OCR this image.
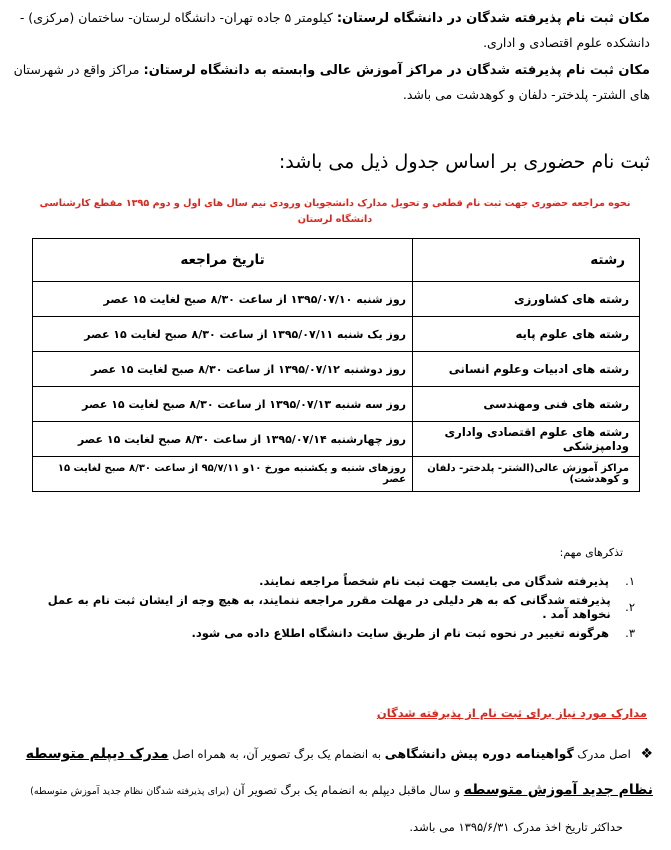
مکان ثبت نام پذیرفته شدگان در دانشگاه لرستان: کیلومتر ۵ جاده تهران- دانشگاه لرستان- ساختمان (مرکزی) - دانشکده علوم اقتصادی و اداری.
مکان ثبت نام پذیرفته شدگان در مراکز آموزش عالی وابسته به دانشگاه لرستان: مراکز واقع در شهرستان های الشتر- پلدختر- دلفان و کوهدشت می باشد.
ثبت نام حضوری بر اساس جدول ذیل می باشد:
نحوه مراجعه حضوری جهت ثبت نام قطعی و تحویل مدارک دانشجویان ورودی نیم سال های اول و دوم ۱۳۹۵ مقطع کارشناسی دانشگاه لرستان
رشته	تاریخ مراجعه
رشته های کشاورزی	روز شنبه ۱۳۹۵/۰۷/۱۰ از ساعت ۸/۳۰ صبح لغایت ۱۵ عصر
رشته های علوم پایه	روز یک شنبه ۱۳۹۵/۰۷/۱۱ از ساعت ۸/۳۰ صبح لغایت ۱۵ عصر
رشته های ادبیات وعلوم انسانی	روز دوشنبه ۱۳۹۵/۰۷/۱۲ از ساعت ۸/۳۰ صبح لغایت ۱۵ عصر
رشته های فنی ومهندسی	روز سه شنبه ۱۳۹۵/۰۷/۱۳ از ساعت ۸/۳۰ صبح لغایت ۱۵ عصر
رشته های علوم اقتصادی واداری ودامپزشکی	روز چهارشنبه ۱۳۹۵/۰۷/۱۴ از ساعت ۸/۳۰ صبح لغایت ۱۵ عصر
مراکز آموزش عالی(الشتر- پلدختر- دلفان و کوهدشت)	روزهای شنبه و یکشنبه مورخ ۱۰و ۹۵/۷/۱۱ از ساعت ۸/۳۰ صبح لغایت ۱۵ عصر
تذکرهای مهم:
۱.
پذیرفته شدگان می بایست جهت ثبت نام شخصاً مراجعه نمایند.
۲.
پذیرفته شدگانی که به هر دلیلی در مهلت مقرر مراجعه ننمایند، به هیچ وجه از ایشان ثبت نام به عمل نخواهد آمد .
۳.
هرگونه تغییر در نحوه ثبت نام از طریق سایت دانشگاه اطلاع داده می شود.
مدارک مورد نیاز برای ثبت نام از پذیرفته شدگان
❖ اصل مدرک گواهینامه دوره پیش دانشگاهی به انضمام یک برگ تصویر آن، به همراه اصل مدرک دیپلم متوسطه
نظام جدید آموزش متوسطه و سال ماقبل دیپلم به انضمام یک برگ تصویر آن (برای پذیرفته شدگان نظام جدید آموزش متوسطه)
حداکثر تاریخ اخذ مدرک ۱۳۹۵/۶/۳۱ می باشد.
